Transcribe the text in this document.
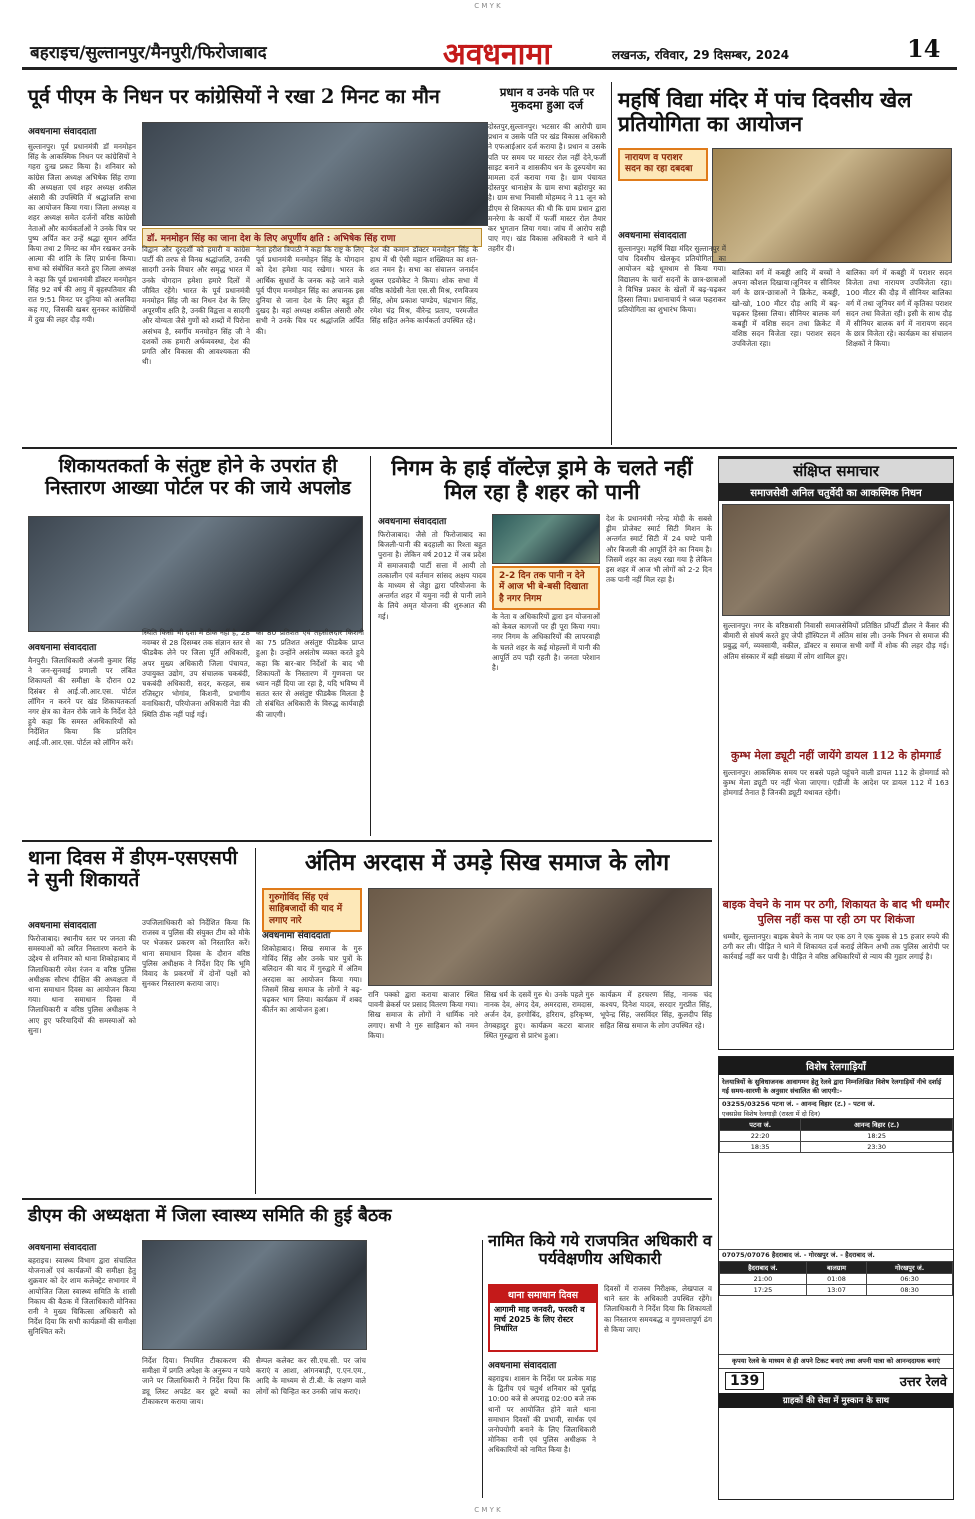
C M Y K
बहराइच/सुल्तानपुर/मैनपुरी/फिरोजाबाद	अवधनामा	लखनऊ, रविवार, 29 दिसम्बर, 2024	14
पूर्व पीएम के निधन पर कांग्रेसियों ने रखा 2 मिनट का मौन
अवधनामा संवाददाता
सुल्तानपुर। पूर्व प्रधानमंत्री डॉ मनमोहन सिंह के आकस्मिक निधन पर कांग्रेसियों ने गहरा दुःख प्रकट किया है। शनिवार को कांग्रेस जिला अध्यक्ष अभिषेक सिंह राणा की अध्यक्षता एवं शहर अध्यक्ष शकील अंसारी की उपस्थिति में श्रद्धांजलि सभा का आयोजन किया गया। जिला अध्यक्ष व शहर अध्यक्ष समेत दर्जनों वरिष्ठ कांग्रेसी नेताओं और कार्यकर्ताओं ने उनके चित्र पर पुष्प अर्पित कर उन्हें श्रद्धा सुमन अर्पित किया तथा 2 मिनट का मौन रखकर उनके आत्मा की शांति के लिए प्रार्थना किया। सभा को संबोधित करते हुए जिला अध्यक्ष ने कहा कि पूर्व प्रधानमंत्री डॉक्टर मनमोहन सिंह 92 वर्ष की आयु में बृहस्पतिवार की रात 9:51 मिनट पर दुनिया को अलविदा कह गए, जिसकी खबर सुनकर कांग्रेसियों में दुख की लहर दौड़ गयी।
डॉ. मनमोहन सिंह का जाना देश के लिए अपूर्णीय क्षति : अभिषेक सिंह राणा
विद्वान और दूरदर्शी को हमारी व कांग्रेस पार्टी की तरफ से विनम्र श्रद्धांजलि, उनकी सादगी उनके विचार और समृद्ध भारत में उनके योगदान हमेशा हमारे दिलों में जीवित रहेंगे। भारत के पूर्व प्रधानमंत्री मनमोहन सिंह जी का निधन देश के लिए अपूरणीय क्षति है, उनकी विद्वत्ता व सादगी और योग्यता जैसे गुणों को शब्दों में पिरोना असंभव है, स्वर्गीय मनमोहन सिंह जी ने दशकों तक हमारी अर्थव्यवस्था, देश की प्रगति और विकास की आवश्यकता की थी।
नेता हरीश त्रिपाठी ने कहा कि राष्ट्र के लिए पूर्व प्रधानमंत्री मनमोहन सिंह के योगदान को देश हमेशा याद रखेगा। भारत के आर्थिक सुधारों के जनक कहे जाने वाले पूर्व पीएम मनमोहन सिंह का अचानक इस दुनिया से जाना देश के लिए बहुत ही दुखद है। वहां अध्यक्ष शकील अंसारी और सभी ने उनके चित्र पर श्रद्धांजलि अर्पित की।
देश की कमान डॉक्टर मनमोहन सिंह के हाथ में थी ऐसी महान शख्सियत का शत-शत नमन है। सभा का संचालन जनार्दन शुक्ल एडवोकेट ने किया। शोक सभा में वरिष्ठ कांग्रेसी नेता एस.सी मिश्र, रणविजय सिंह, ओम प्रकाश पाण्डेय, चंद्रभान सिंह, रमेश चंद्र मिश्र, वीरेन्द्र प्रताप, परमजीत सिंह सहित अनेक कार्यकर्ता उपस्थित रहे।
प्रधान व उनके पति पर मुकदमा हुआ दर्ज
दोस्तपुर,सुल्तानपुर। भटसार की आरोपी ग्राम प्रधान व उसके पति पर खंड विकास अधिकारी ने एफआईआर दर्ज कराया है। प्रधान व उसके पति पर समय पर मास्टर रोल नहीं देने,फर्जी साइट बनाने व शासकीय धन के दुरुपयोग का मामला दर्ज कराया गया है। ग्राम पंचायत दोस्तपुर थानाक्षेत्र के ग्राम सभा बहोरापुर का है। ग्राम सभा निवासी मोहम्मद ने 11 जून को डीएम से शिकायत की थी कि ग्राम प्रधान द्वारा मनरेगा के कार्यों में फर्जी मास्टर रोल तैयार कर भुगतान लिया गया। जांच में आरोप सही पाए गए। खंड विकास अधिकारी ने थाने में तहरीर दी।
महर्षि विद्या मंदिर में पांच दिवसीय खेल प्रतियोगिता का आयोजन
नारायण व पराशर सदन का रहा दबदबा
अवधनामा संवाददाता
सुल्तानपुर। महर्षि विद्या मंदिर सुल्तानपुर में पांच दिवसीय खेलकूद प्रतियोगिता का आयोजन बड़े धूमधाम से किया गया। विद्यालय के चारों सदनों के छात्र-छात्राओं ने विभिन्न प्रकार के खेलों में बढ़-चढ़कर हिस्सा लिया। प्रधानाचार्य ने ध्वज फहराकर प्रतियोगिता का शुभारंभ किया।
बालिका वर्ग में कबड्डी आदि में बच्चों ने अपना कौशल दिखाया।जूनियर व सीनियर वर्ग के छात्र-छात्राओं ने क्रिकेट, कबड्डी, खो-खो, 100 मीटर दौड़ आदि में बढ़-चढ़कर हिस्सा लिया। सीनियर बालक वर्ग कबड्डी में वशिष्ठ सदन तथा क्रिकेट में वशिष्ठ सदन विजेता रहा। पराशर सदन उपविजेता रहा।
बालिका वर्ग में कबड्डी में पराशर सदन विजेता तथा नारायण उपविजेता रहा। 100 मीटर की दौड़ में सीनियर बालिका वर्ग में तथा जूनियर वर्ग में कृतिका पराशर सदन तथा विजेता रही। इसी के साथ दौड़ में सीनियर बालक वर्ग में नारायण सदन के छात्र विजेता रहे। कार्यक्रम का संचालन शिक्षकों ने किया।
शिकायतकर्ता के संतुष्ट होने के उपरांत ही निस्तारण आख्या पोर्टल पर की जाये अपलोड
अवधनामा संवाददाता
मैनपुरी। जिलाधिकारी अंजनी कुमार सिंह ने जन-सुनवाई प्रणाली पर लंबित शिकायतों की समीक्षा के दौरान 02 दिसंबर से आई.जी.आर.एस. पोर्टल लॉगिन न करने पर खंड शिकायतकर्ता नगर क्षेत्र का वेतन रोके जाने के निर्देश देते हुये कहा कि समस्त अधिकारियों को निर्देशित किया कि प्रतिदिन आई.जी.आर.एस. पोर्टल को लॉगिन करें।
स्थिति किसी भी दशा में ठीक नहीं है, 28 नवम्बर से 28 दिसम्बर तक संज्ञान स्तर से फीडबैक लेने पर जिला पूर्ति अधिकारी, अपर मुख्य अधिकारी जिला पंचायत, उपायुक्त उद्योग, उप संचालक चकबंदी, चकबंदी अधिकारी, सदर, करहल, सब रजिस्ट्रार भोगांव, किशनी, प्रभागीय वनाधिकारी, परियोजना अधिकारी नेडा की स्थिति ठीक नहीं पाई गई।
का 80 प्रतिशत एवं तहसीलदार किशनी का 75 प्रतिशत असंतुष्ट फीडबैक प्राप्त हुआ है। उन्होंने असंतोष व्यक्त करते हुये कहा कि बार-बार निर्देशों के बाद भी शिकायतों के निस्तारण में गुणवत्ता पर ध्यान नहीं दिया जा रहा है, यदि भविष्य में सतत स्तर से असंतुष्ट फीडबैक मिलता है तो संबंधित अधिकारी के विरुद्ध कार्यवाही की जाएगी।
निगम के हाई वॉल्टेज़ ड्रामे के चलते नहीं मिल रहा है शहर को पानी
अवधनामा संवाददाता
फिरोजाबाद। जैसे तो फिरोजाबाद का बिजली-पानी की बदहाली का रिश्ता बहुत पुराना है। लेकिन वर्ष 2012 में जब प्रदेश में समाजवादी पार्टी सत्ता में आयी तो तत्कालीन एवं वर्तमान सांसद अक्षय यादव के माध्यम से जेड्डा द्वारा परियोजना के अन्तर्गत शहर में यमुना नदी से पानी लाने के लिये अमृत योजना की शुरुआत की गई।
2-2 दिन तक पानी न देने में आज भी बे-बसी दिखाता है नगर निगम
के नेता व अधिकारियों द्वारा इन योजनाओं को केवल कागजों पर ही पूरा किया गया। नगर निगम के अधिकारियों की लापरवाही के चलते शहर के कई मोहल्लों में पानी की आपूर्ति ठप पड़ी रहती है। जनता परेशान है।
देश के प्रधानमंत्री नरेन्द्र मोदी के सबसे ड्रीम प्रोजेक्ट स्मार्ट सिटी मिशन के अन्तर्गत स्मार्ट सिटी में 24 घण्टे पानी और बिजली की आपूर्ति देने का नियम है। जिसमें शहर का लक्ष्य रखा गया है लेकिन इस शहर में आज भी लोगों को 2-2 दिन तक पानी नहीं मिल रहा है।
संक्षिप्त समाचार
समाजसेवी अनिल चतुर्वेदी का आकस्मिक निधन
सुल्तानपुर। नगर के वरिष्ठवासी निवासी समाजसेवियों प्रतिष्ठित प्रॉपर्टी डीलर ने कैंसर की बीमारी से संघर्ष करते हुए जेपी हॉस्पिटल में अंतिम सांस ली। उनके निधन से समाज की प्रबुद्ध वर्ग, व्यवसायी, वकील, डॉक्टर व समाज सभी वर्गों में शोक की लहर दौड़ गई। अंतिम संस्कार में बड़ी संख्या में लोग शामिल हुए।
कुम्भ मेला ड्यूटी नहीं जायेंगे डायल 112 के होमगार्ड
सुल्तानपुर। आकस्मिक समय पर सबसे पहले पहुंचने वाली डायल 112 के होमगार्ड को कुम्भ मेला ड्यूटी पर नहीं भेजा जाएगा। एडीजी के आदेश पर डायल 112 में 163 होमगार्ड तैनात हैं जिनकी ड्यूटी यथावत रहेगी।
बाइक वेचने के नाम पर ठगी, शिकायत के बाद भी धम्मौर पुलिस नहीं कस पा रही ठग पर शिकंजा
धम्मौर, सुल्तानपुर। बाइक बेचने के नाम पर एक ठग ने एक युवक से 15 हजार रुपये की ठगी कर ली। पीड़ित ने थाने में शिकायत दर्ज कराई लेकिन अभी तक पुलिस आरोपी पर कार्रवाई नहीं कर पायी है। पीड़ित ने वरिष्ठ अधिकारियों से न्याय की गुहार लगाई है।
थाना दिवस में डीएम-एसएसपी ने सुनी शिकायतें
अवधनामा संवाददाता
फिरोजाबाद। स्थानीय स्तर पर जनता की समस्याओं को त्वरित निस्तारण कराने के उद्देश्य से शनिवार को थाना शिकोहाबाद में जिलाधिकारी रमेश रंजन व वरिष्ठ पुलिस अधीक्षक सौरभ दीक्षित की अध्यक्षता में थाना समाधान दिवस का आयोजन किया गया। थाना समाधान दिवस में जिलाधिकारी व वरिष्ठ पुलिस अधीक्षक ने आए हुए फरियादियों की समस्याओं को सुना।
उपजिलाधिकारी को निर्देशित किया कि राजस्व व पुलिस की संयुक्त टीम को मौके पर भेजकर प्रकरण को निस्तारित करें। थाना समाधान दिवस के दौरान वरिष्ठ पुलिस अधीक्षक ने निर्देश दिए कि भूमि विवाद के प्रकरणों में दोनों पक्षों को सुनकर निस्तारण कराया जाए।
अंतिम अरदास में उमड़े सिख समाज के लोग
गुरुगोविंद सिंह एवं साहिबजादों की याद में लगाए नारे
अवधनामा संवाददाता
शिकोहाबाद। सिख समाज के गुरु गोविंद सिंह और उनके चार पुत्रों के बलिदान की याद में गुरुद्वारे में अंतिम अरदास का आयोजन किया गया। जिसमें सिख समाज के लोगों ने बढ़-चढ़कर भाग लिया। कार्यक्रम में शबद कीर्तन का आयोजन हुआ।
रानि पक्को द्वारा कराया बाजार स्थित पावनी ब्रेकर्स पर प्रसाद वितरण किया गया। सिख समाज के लोगों ने धार्मिक नारे लगाए। सभी ने गुरु साहिबान को नमन किया।
सिख धर्म के दसवें गुरु थे। उनके पहले गुरु नानक देव, अंगद देव, अमरदास, रामदास, अर्जन देव, हरगोबिंद, हरिराय, हरिकृष्ण, तेगबहादुर हुए। कार्यक्रम कटरा बाजार स्थित गुरुद्वारा से प्रारंभ हुआ।
कार्यक्रम में हरचरण सिंह, नानक चंद कश्यप, दिनेश यादव, सरदार गुरप्रीत सिंह, भूपेन्द्र सिंह, जसविंदर सिंह, कुलदीप सिंह सहित सिख समाज के लोग उपस्थित रहे।
विशेष रेलगाड़ियाँ
रेलयात्रियों के सुविधाजनक आवागमन हेतु रेलवे द्वारा निम्नलिखित विशेष रेलगाड़ियों नीचे दर्शाई गई समय-सारणी के अनुसार संचालित की जाएगी:-
03255/03256 पटना जं. - आनन्द विहार (ट.) - पटना जं.
एक्सप्रेस विशेष रेलगाड़ी (रास्ता में दो दिन)
पटना जं.	आनन्द विहार (ट.)
22:20	18:25
18:35	23:30
07075/07076 हैदराबाद जं. - गोरखपुर जं. - हैदराबाद जं.
हैदराबाद जं.	बालग्राम	गोरखपुर जं.
21:00	01:08	06:30
17:25	13:07	08:30
कृपया रेलवे के माध्यम से ही अपने टिकट बनाएं तथा अपनी यात्रा को आनन्ददायक बनाएं
139	उत्तर रेलवे
ग्राहकों की सेवा में मुस्कान के साथ
डीएम की अध्यक्षता में जिला स्वास्थ्य समिति की हुई बैठक
अवधनामा संवाददाता
बहराइच। स्वास्थ्य विभाग द्वारा संचालित योजनाओं एवं कार्यक्रमों की समीक्षा हेतु शुक्रवार को देर शाम कलेक्ट्रेट सभागार में आयोजित जिला स्वास्थ्य समिति के शासी निकाय की बैठक में जिलाधिकारी मोनिका रानी ने मुख्य चिकित्सा अधिकारी को निर्देश दिया कि सभी कार्यक्रमों की समीक्षा सुनिश्चित करें।
निर्देश दिया। नियमित टीकाकरण की समीक्षा में प्रगति अपेक्षा के अनुरूप न पाये जाने पर जिलाधिकारी ने निर्देश दिया कि ड्यू लिस्ट अपडेट कर छूटे बच्चों का टीकाकरण कराया जाय।
सैम्पल कलेक्ट कर सी.एच.सी. पर जांच कराएं व आशा, आंगनबाड़ी, ए.एन.एम., आदि के माध्यम से टी.बी. के लक्षण वाले लोगों को चिन्हित कर उनकी जांच कराएं।
नामित किये गये राजपत्रित अधिकारी व पर्यवेक्षणीय अधिकारी
थाना समाधान दिवस
आगामी माह जनवरी, फरवरी व मार्च 2025 के लिए रोस्टर निर्धारित
अवधनामा संवाददाता
बहराइच। शासन के निर्देश पर प्रत्येक माह के द्वितीय एवं चतुर्थ शनिवार को पूर्वाह्न 10:00 बजे से अपराह्न 02:00 बजे तक थानों पर आयोजित होने वाले थाना समाधान दिवसों की प्रभावी, सार्थक एवं जनोपयोगी बनाने के लिए जिलाधिकारी मोनिका रानी एवं पुलिस अधीक्षक ने अधिकारियों को नामित किया है।
दिवसों में राजस्व निरीक्षक, लेखपाल व थाने स्तर के अधिकारी उपस्थित रहेंगे। जिलाधिकारी ने निर्देश दिया कि शिकायतों का निस्तारण समयबद्ध व गुणवत्तापूर्ण ढंग से किया जाए।
C M Y K
